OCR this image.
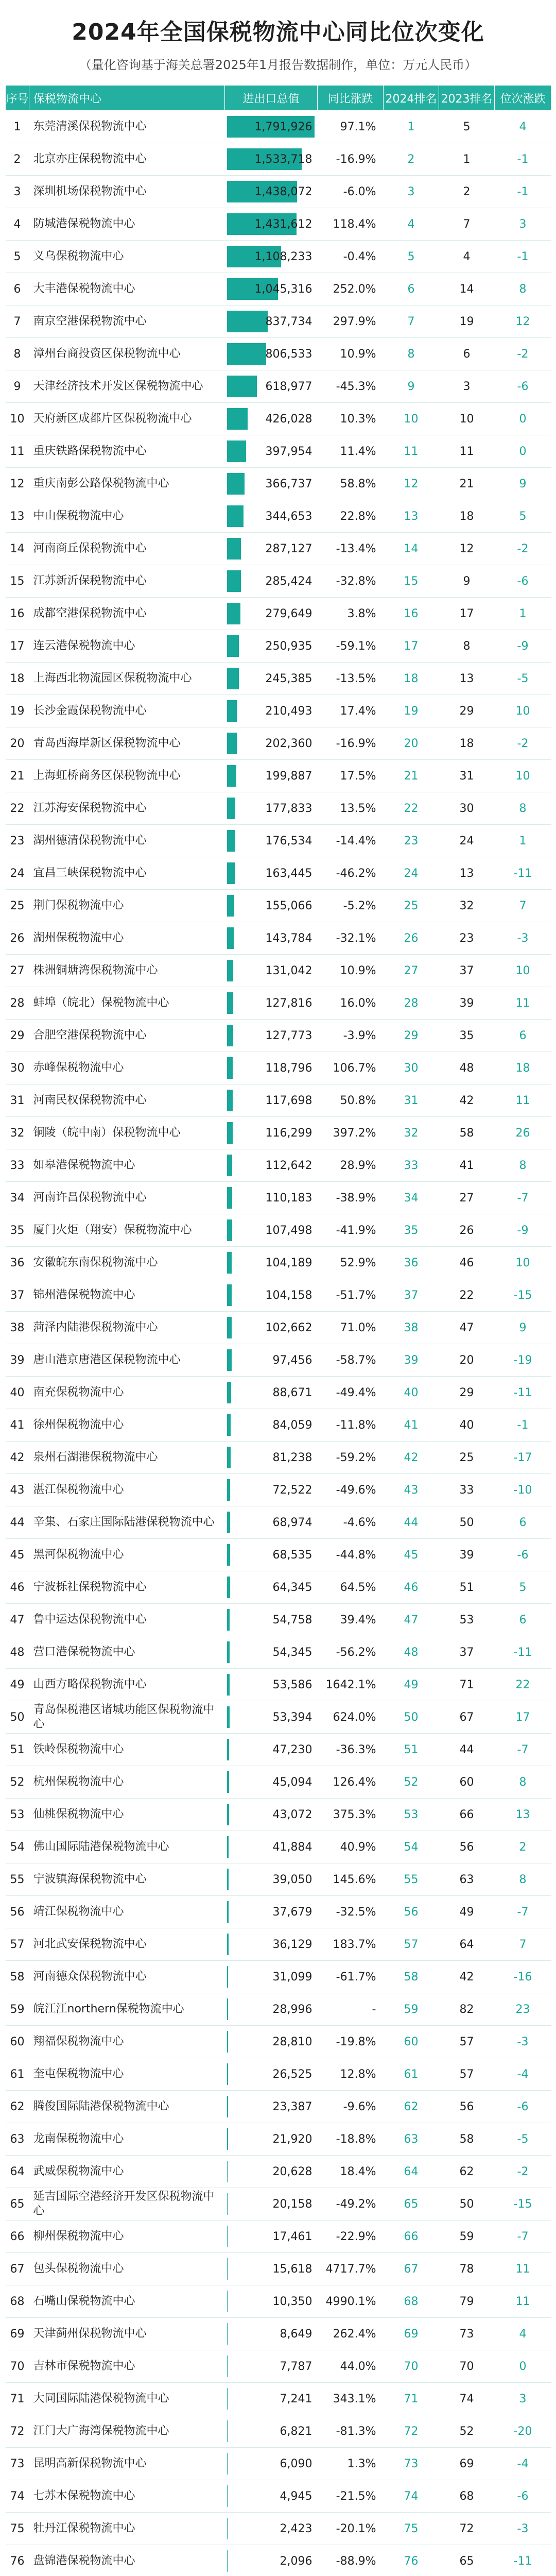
2024年全国保税物流中心同比位次变化
（量化咨询基于海关总署2025年1月报告数据制作，单位：万元人民币）
序号	保税物流中心	进出口总值	同比涨跌	2024排名	2023排名	位次涨跌
1	东莞清溪保税物流中心	1,791,926	97.1%	1	5	4
2	北京亦庄保税物流中心	1,533,718	-16.9%	2	1	-1
3	深圳机场保税物流中心	1,438,072	-6.0%	3	2	-1
4	防城港保税物流中心	1,431,612	118.4%	4	7	3
5	义乌保税物流中心	1,108,233	-0.4%	5	4	-1
6	大丰港保税物流中心	1,045,316	252.0%	6	14	8
7	南京空港保税物流中心	837,734	297.9%	7	19	12
8	漳州台商投资区保税物流中心	806,533	10.9%	8	6	-2
9	天津经济技术开发区保税物流中心	618,977	-45.3%	9	3	-6
10	天府新区成都片区保税物流中心	426,028	10.3%	10	10	0
11	重庆铁路保税物流中心	397,954	11.4%	11	11	0
12	重庆南彭公路保税物流中心	366,737	58.8%	12	21	9
13	中山保税物流中心	344,653	22.8%	13	18	5
14	河南商丘保税物流中心	287,127	-13.4%	14	12	-2
15	江苏新沂保税物流中心	285,424	-32.8%	15	9	-6
16	成都空港保税物流中心	279,649	3.8%	16	17	1
17	连云港保税物流中心	250,935	-59.1%	17	8	-9
18	上海西北物流园区保税物流中心	245,385	-13.5%	18	13	-5
19	长沙金霞保税物流中心	210,493	17.4%	19	29	10
20	青岛西海岸新区保税物流中心	202,360	-16.9%	20	18	-2
21	上海虹桥商务区保税物流中心	199,887	17.5%	21	31	10
22	江苏海安保税物流中心	177,833	13.5%	22	30	8
23	湖州德清保税物流中心	176,534	-14.4%	23	24	1
24	宜昌三峡保税物流中心	163,445	-46.2%	24	13	-11
25	荆门保税物流中心	155,066	-5.2%	25	32	7
26	湖州保税物流中心	143,784	-32.1%	26	23	-3
27	株洲铜塘湾保税物流中心	131,042	10.9%	27	37	10
28	蚌埠（皖北）保税物流中心	127,816	16.0%	28	39	11
29	合肥空港保税物流中心	127,773	-3.9%	29	35	6
30	赤峰保税物流中心	118,796	106.7%	30	48	18
31	河南民权保税物流中心	117,698	50.8%	31	42	11
32	铜陵（皖中南）保税物流中心	116,299	397.2%	32	58	26
33	如皋港保税物流中心	112,642	28.9%	33	41	8
34	河南许昌保税物流中心	110,183	-38.9%	34	27	-7
35	厦门火炬（翔安）保税物流中心	107,498	-41.9%	35	26	-9
36	安徽皖东南保税物流中心	104,189	52.9%	36	46	10
37	锦州港保税物流中心	104,158	-51.7%	37	22	-15
38	菏泽内陆港保税物流中心	102,662	71.0%	38	47	9
39	唐山港京唐港区保税物流中心	97,456	-58.7%	39	20	-19
40	南充保税物流中心	88,671	-49.4%	40	29	-11
41	徐州保税物流中心	84,059	-11.8%	41	40	-1
42	泉州石湖港保税物流中心	81,238	-59.2%	42	25	-17
43	湛江保税物流中心	72,522	-49.6%	43	33	-10
44	辛集、石家庄国际陆港保税物流中心	68,974	-4.6%	44	50	6
45	黑河保税物流中心	68,535	-44.8%	45	39	-6
46	宁波栎社保税物流中心	64,345	64.5%	46	51	5
47	鲁中运达保税物流中心	54,758	39.4%	47	53	6
48	营口港保税物流中心	54,345	-56.2%	48	37	-11
49	山西方略保税物流中心	53,586	1642.1%	49	71	22
50	青岛保税港区诸城功能区保税物流中心	53,394	624.0%	50	67	17
51	铁岭保税物流中心	47,230	-36.3%	51	44	-7
52	杭州保税物流中心	45,094	126.4%	52	60	8
53	仙桃保税物流中心	43,072	375.3%	53	66	13
54	佛山国际陆港保税物流中心	41,884	40.9%	54	56	2
55	宁波镇海保税物流中心	39,050	145.6%	55	63	8
56	靖江保税物流中心	37,679	-32.5%	56	49	-7
57	河北武安保税物流中心	36,129	183.7%	57	64	7
58	河南德众保税物流中心	31,099	-61.7%	58	42	-16
59	皖江江northern保税物流中心	28,996	-	59	82	23
60	翔福保税物流中心	28,810	-19.8%	60	57	-3
61	奎屯保税物流中心	26,525	12.8%	61	57	-4
62	腾俊国际陆港保税物流中心	23,387	-9.6%	62	56	-6
63	龙南保税物流中心	21,920	-18.8%	63	58	-5
64	武威保税物流中心	20,628	18.4%	64	62	-2
65	延吉国际空港经济开发区保税物流中心	20,158	-49.2%	65	50	-15
66	柳州保税物流中心	17,461	-22.9%	66	59	-7
67	包头保税物流中心	15,618	4717.7%	67	78	11
68	石嘴山保税物流中心	10,350	4990.1%	68	79	11
69	天津蓟州保税物流中心	8,649	262.4%	69	73	4
70	吉林市保税物流中心	7,787	44.0%	70	70	0
71	大同国际陆港保税物流中心	7,241	343.1%	71	74	3
72	江门大广海湾保税物流中心	6,821	-81.3%	72	52	-20
73	昆明高新保税物流中心	6,090	1.3%	73	69	-4
74	七苏木保税物流中心	4,945	-21.5%	74	68	-6
75	牡丹江保税物流中心	2,423	-20.1%	75	72	-3
76	盘锦港保税物流中心	2,096	-88.9%	76	65	-11
